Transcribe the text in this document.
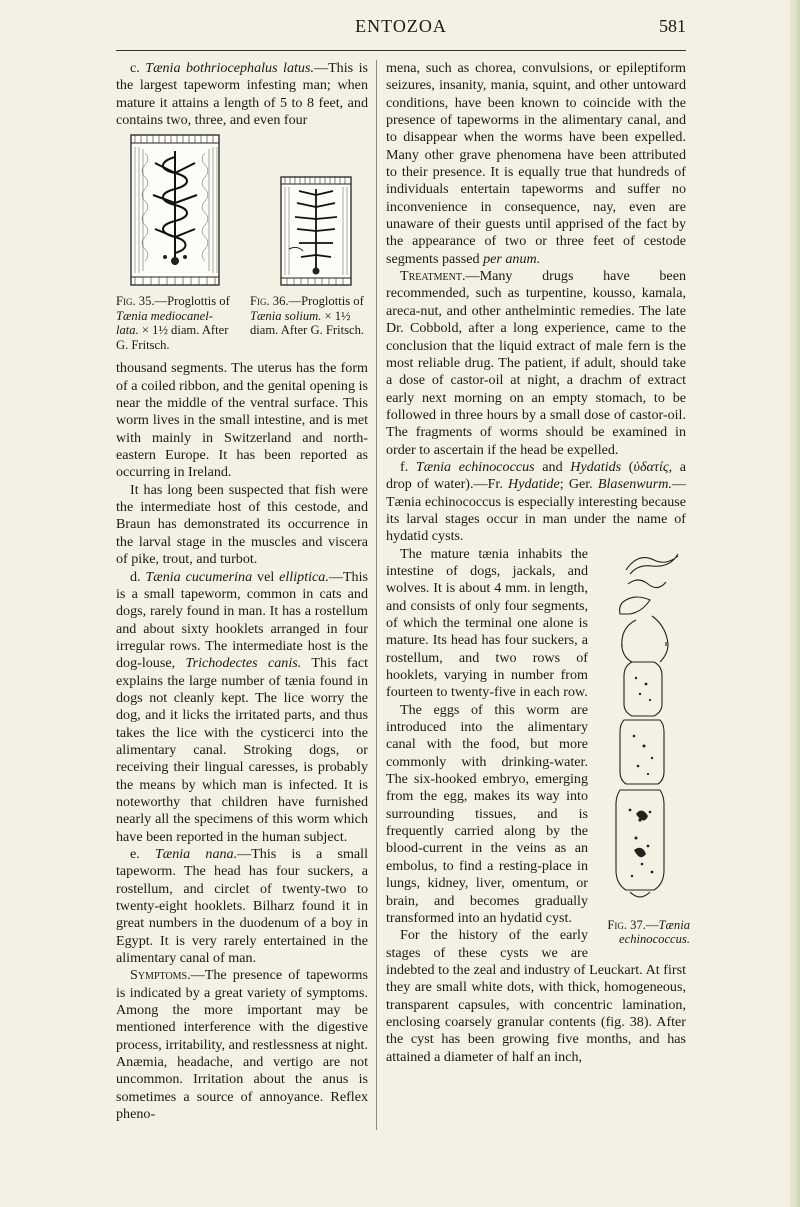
ENTOZOA	581

c. Tænia bothriocephalus latus.—This is the largest tapeworm infesting man; when mature it attains a length of 5 to 8 feet, and contains two, three, and even four

Fig. 35.—Proglottis of Tænia mediocanel-lata. × 1½ diam. After G. Fritsch.
Fig. 36.—Proglottis of Tænia solium. × 1½ diam. After G. Fritsch.

thousand segments. The uterus has the form of a coiled ribbon, and the genital opening is near the middle of the ventral surface. This worm lives in the small intestine, and is met with mainly in Switzerland and north-eastern Europe. It has been reported as occurring in Ireland.

It has long been suspected that fish were the intermediate host of this cestode, and Braun has demonstrated its occurrence in the larval stage in the muscles and viscera of pike, trout, and turbot.

d. Tænia cucumerina vel elliptica.—This is a small tapeworm, common in cats and dogs, rarely found in man. It has a rostellum and about sixty hooklets arranged in four irregular rows. The intermediate host is the dog-louse, Trichodectes canis. This fact explains the large number of tænia found in dogs not cleanly kept. The lice worry the dog, and it licks the irritated parts, and thus takes the lice with the cysticerci into the alimentary canal. Stroking dogs, or receiving their lingual caresses, is probably the means by which man is infected. It is noteworthy that children have furnished nearly all the specimens of this worm which have been reported in the human subject.

e. Tænia nana.—This is a small tapeworm. The head has four suckers, a rostellum, and circlet of twenty-two to twenty-eight hooklets. Bilharz found it in great numbers in the duodenum of a boy in Egypt. It is very rarely entertained in the alimentary canal of man.

Symptoms.—The presence of tapeworms is indicated by a great variety of symptoms. Among the more important may be mentioned interference with the digestive process, irritability, and restlessness at night. Anæmia, headache, and vertigo are not uncommon. Irritation about the anus is sometimes a source of annoyance. Reflex pheno-

mena, such as chorea, convulsions, or epileptiform seizures, insanity, mania, squint, and other untoward conditions, have been known to coincide with the presence of tapeworms in the alimentary canal, and to disappear when the worms have been expelled. Many other grave phenomena have been attributed to their presence. It is equally true that hundreds of individuals entertain tapeworms and suffer no inconvenience in consequence, nay, even are unaware of their guests until apprised of the fact by the appearance of two or three feet of cestode segments passed per anum.

Treatment.—Many drugs have been recommended, such as turpentine, kousso, kamala, areca-nut, and other anthelmintic remedies. The late Dr. Cobbold, after a long experience, came to the conclusion that the liquid extract of male fern is the most reliable drug. The patient, if adult, should take a dose of castor-oil at night, a drachm of extract early next morning on an empty stomach, to be followed in three hours by a small dose of castor-oil. The fragments of worms should be examined in order to ascertain if the head be expelled.

f. Tænia echinococcus and Hydatids (ὑδατίς, a drop of water).—Fr. Hydatide; Ger. Blasenwurm.—Tænia echinococcus is especially interesting because its larval stages occur in man under the name of hydatid cysts.

Fig. 37.—Tænia echinococcus.

The mature tænia inhabits the intestine of dogs, jackals, and wolves. It is about 4 mm. in length, and consists of only four segments, of which the terminal one alone is mature. Its head has four suckers, a rostellum, and two rows of hooklets, varying in number from fourteen to twenty-five in each row.

The eggs of this worm are introduced into the alimentary canal with the food, but more commonly with drinking-water. The six-hooked embryo, emerging from the egg, makes its way into surrounding tissues, and is frequently carried along by the blood-current in the veins as an embolus, to find a resting-place in lungs, kidney, liver, omentum, or brain, and becomes gradually transformed into an hydatid cyst.

For the history of the early stages of these cysts we are indebted to the zeal and industry of Leuckart. At first they are small white dots, with thick, homogeneous, transparent capsules, with concentric lamination, enclosing coarsely granular contents (fig. 38). After the cyst has been growing five months, and has attained a diameter of half an inch,
